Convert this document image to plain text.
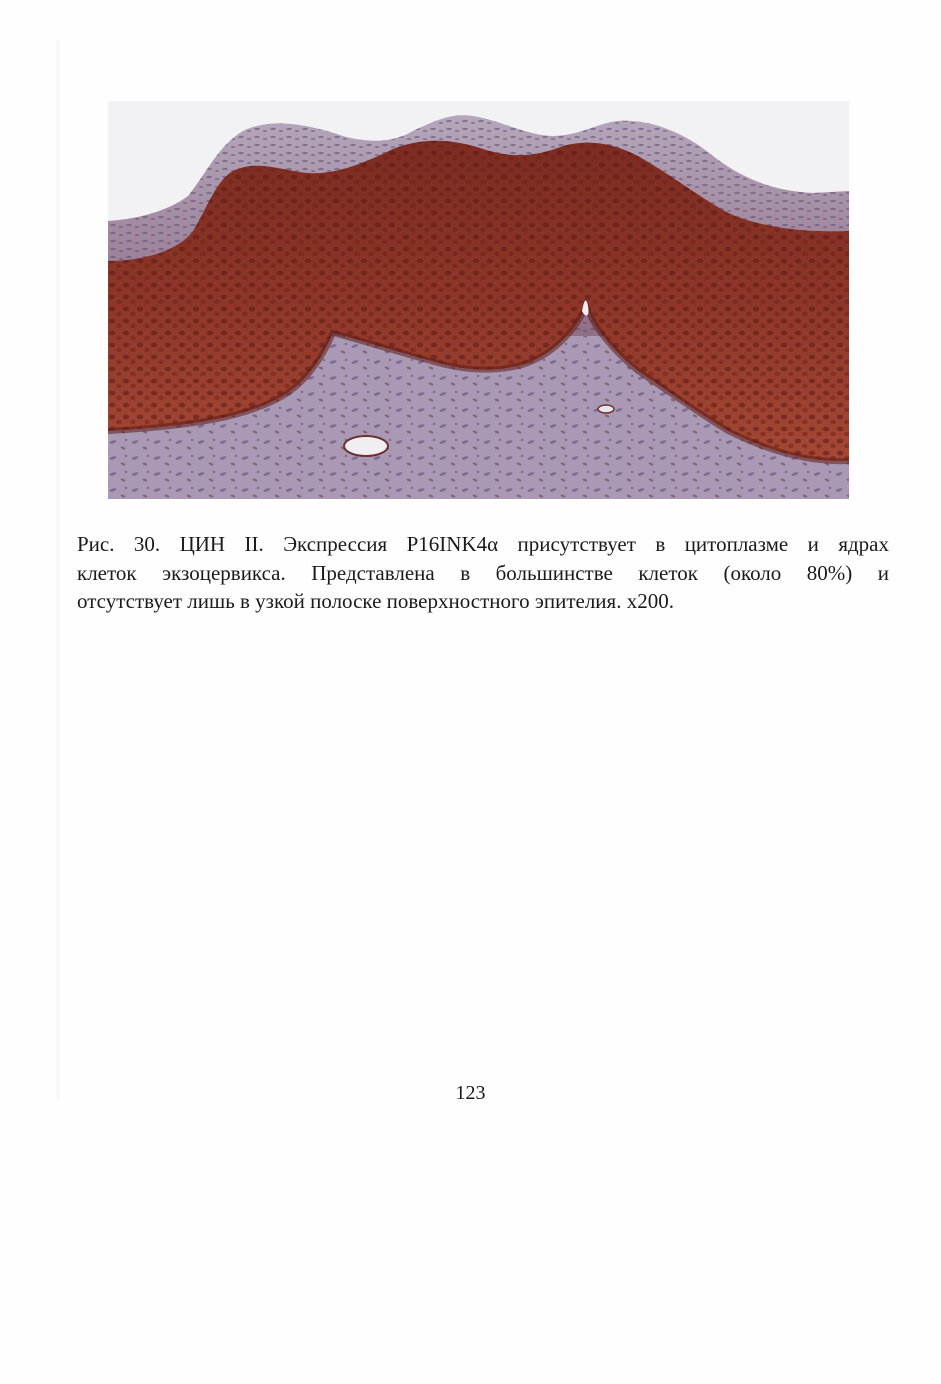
Рис. 30. ЦИН II. Экспрессия P16INK4α присутствует в цитоплазме и ядрах
клеток экзоцервикса. Представлена в большинстве клеток (около 80%) и
отсутствует лишь в узкой полоске поверхностного эпителия. х200.
123
